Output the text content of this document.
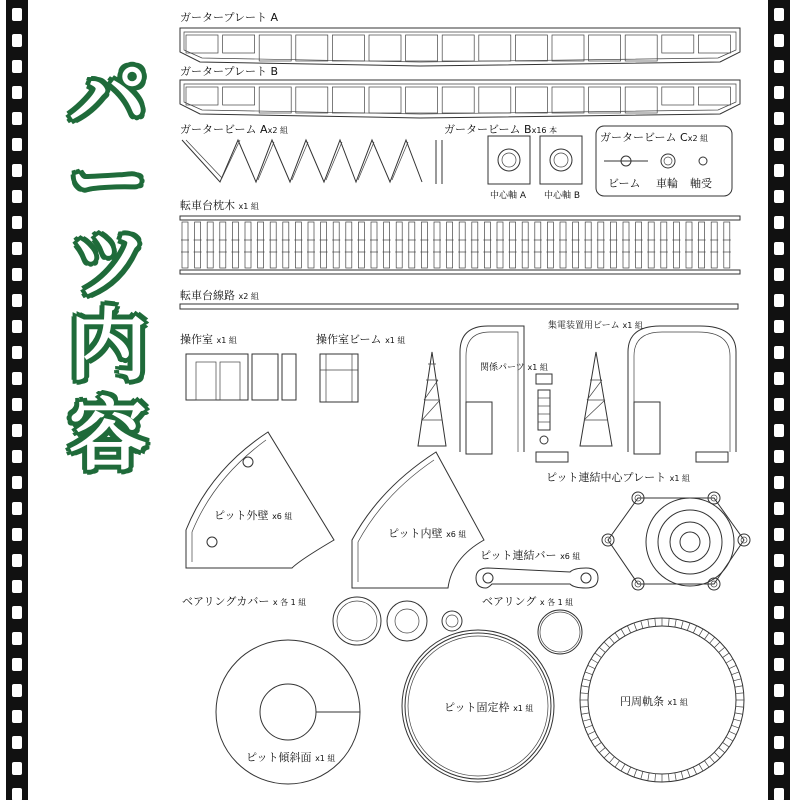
パ
ー
ツ
内
容
ガータープレート A
ガータープレート B
ガータービーム Ax2 組	ガータービーム Bx16 本
中心軸 A 中心軸 B
ガータービーム Cx2 組
ビーム 車輪 軸受
転車台枕木 x1 組
転車台線路 x2 組
操作室 x1 組	操作室ビーム x1 組
集電装置用ビーム x1 組
関係パーツ x1 組
ピット連結中心プレート x1 組
ピット外壁 x6 組
ピット内壁 x6 組
ピット連結バー x6 組
ベアリングカバー x 各 1 組	ベアリング x 各 1 組
ピット傾斜面 x1 組
ピット固定枠 x1 組
円周軌条 x1 組
